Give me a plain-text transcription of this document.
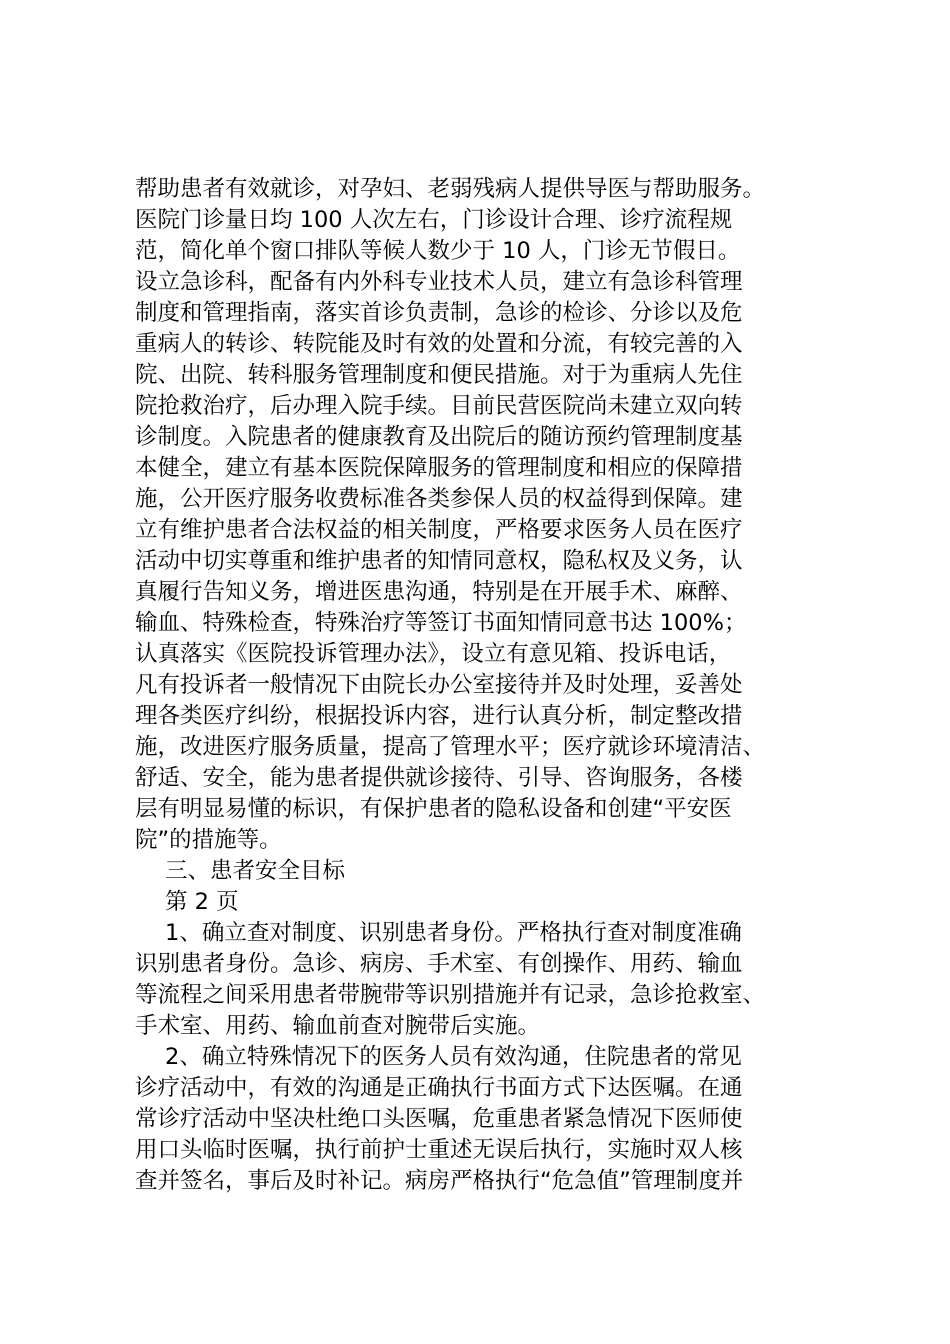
帮助患者有效就诊，对孕妇、老弱残病人提供导医与帮助服务。
医院门诊量日均 100 人次左右，门诊设计合理、诊疗流程规
范，简化单个窗口排队等候人数少于 10 人，门诊无节假日。
设立急诊科，配备有内外科专业技术人员，建立有急诊科管理
制度和管理指南，落实首诊负责制，急诊的检诊、分诊以及危
重病人的转诊、转院能及时有效的处置和分流，有较完善的入
院、出院、转科服务管理制度和便民措施。对于为重病人先住
院抢救治疗，后办理入院手续。目前民营医院尚未建立双向转
诊制度。入院患者的健康教育及出院后的随访预约管理制度基
本健全，建立有基本医院保障服务的管理制度和相应的保障措
施，公开医疗服务收费标准各类参保人员的权益得到保障。建
立有维护患者合法权益的相关制度，严格要求医务人员在医疗
活动中切实尊重和维护患者的知情同意权，隐私权及义务，认
真履行告知义务，增进医患沟通，特别是在开展手术、麻醉、
输血、特殊检查，特殊治疗等签订书面知情同意书达 100%；
认真落实《医院投诉管理办法》，设立有意见箱、投诉电话，
凡有投诉者一般情况下由院长办公室接待并及时处理，妥善处
理各类医疗纠纷，根据投诉内容，进行认真分析，制定整改措
施，改进医疗服务质量，提高了管理水平；医疗就诊环境清洁、
舒适、安全，能为患者提供就诊接待、引导、咨询服务，各楼
层有明显易懂的标识，有保护患者的隐私设备和创建“平安医
院”的措施等。
三、患者安全目标
第 2 页
1、确立查对制度、识别患者身份。严格执行查对制度准确
识别患者身份。急诊、病房、手术室、有创操作、用药、输血
等流程之间采用患者带腕带等识别措施并有记录，急诊抢救室、
手术室、用药、输血前查对腕带后实施。
2、确立特殊情况下的医务人员有效沟通，住院患者的常见
诊疗活动中，有效的沟通是正确执行书面方式下达医嘱。在通
常诊疗活动中坚决杜绝口头医嘱，危重患者紧急情况下医师使
用口头临时医嘱，执行前护士重述无误后执行，实施时双人核
查并签名，事后及时补记。病房严格执行“危急值”管理制度并
